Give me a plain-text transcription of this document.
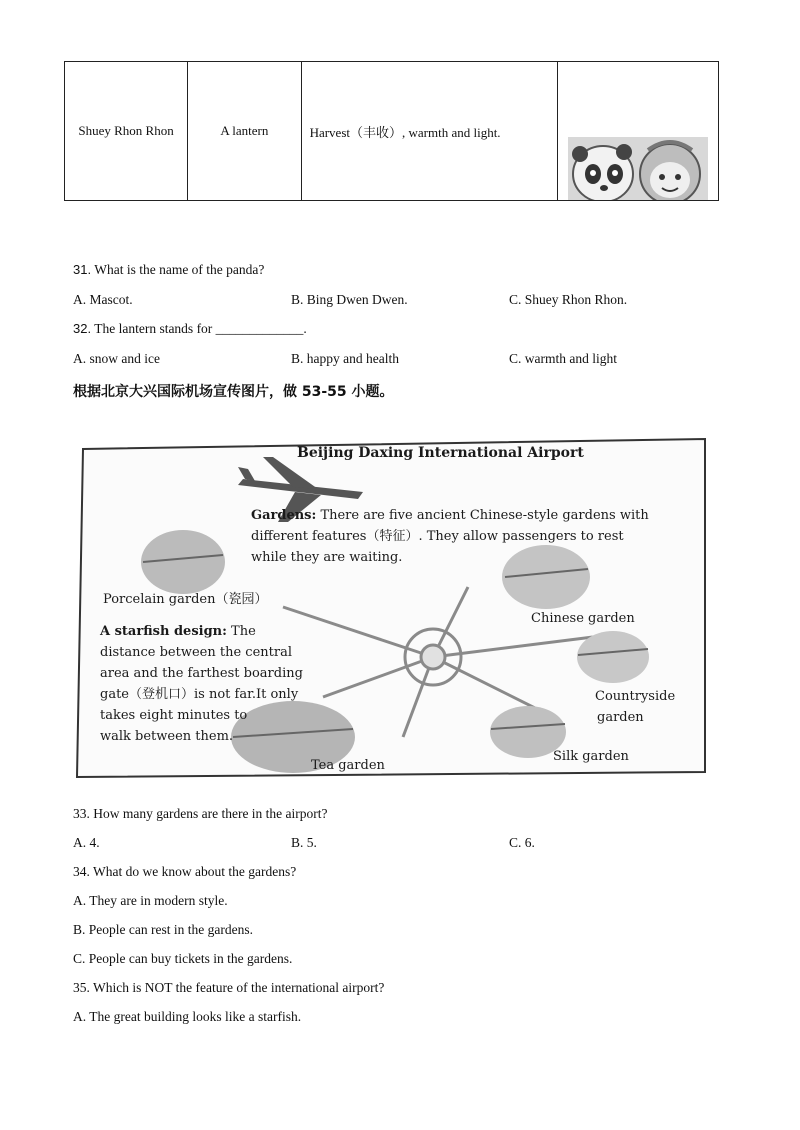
Shuey Rhon Rhon	A lantern	Harvest（丰收）, warmth and light.	
31. What is the name of the panda?
A. Mascot.	B. Bing Dwen Dwen.	C. Shuey Rhon Rhon.
32. The lantern stands for _____________.
A. snow and ice	B. happy and health	C. warmth and light
根据北京大兴国际机场宣传图片，做 53-55 小题。
Beijing Daxing International Airport
Gardens: There are five ancient Chinese-style gardens with
different features（特征）. They allow passengers to rest
while they are waiting.
Porcelain garden（瓷园）
A starfish design: The
distance between the central
area and the farthest boarding
gate（登机口）is not far.It only
takes eight minutes to
walk between them.
Chinese garden
Countryside
garden
Silk garden
Tea garden
33. How many gardens are there in the airport?
A. 4.	B. 5.	C. 6.
34. What do we know about the gardens?
A. They are in modern style.
B. People can rest in the gardens.
C. People can buy tickets in the gardens.
35. Which is NOT the feature of the international airport?
A. The great building looks like a starfish.
